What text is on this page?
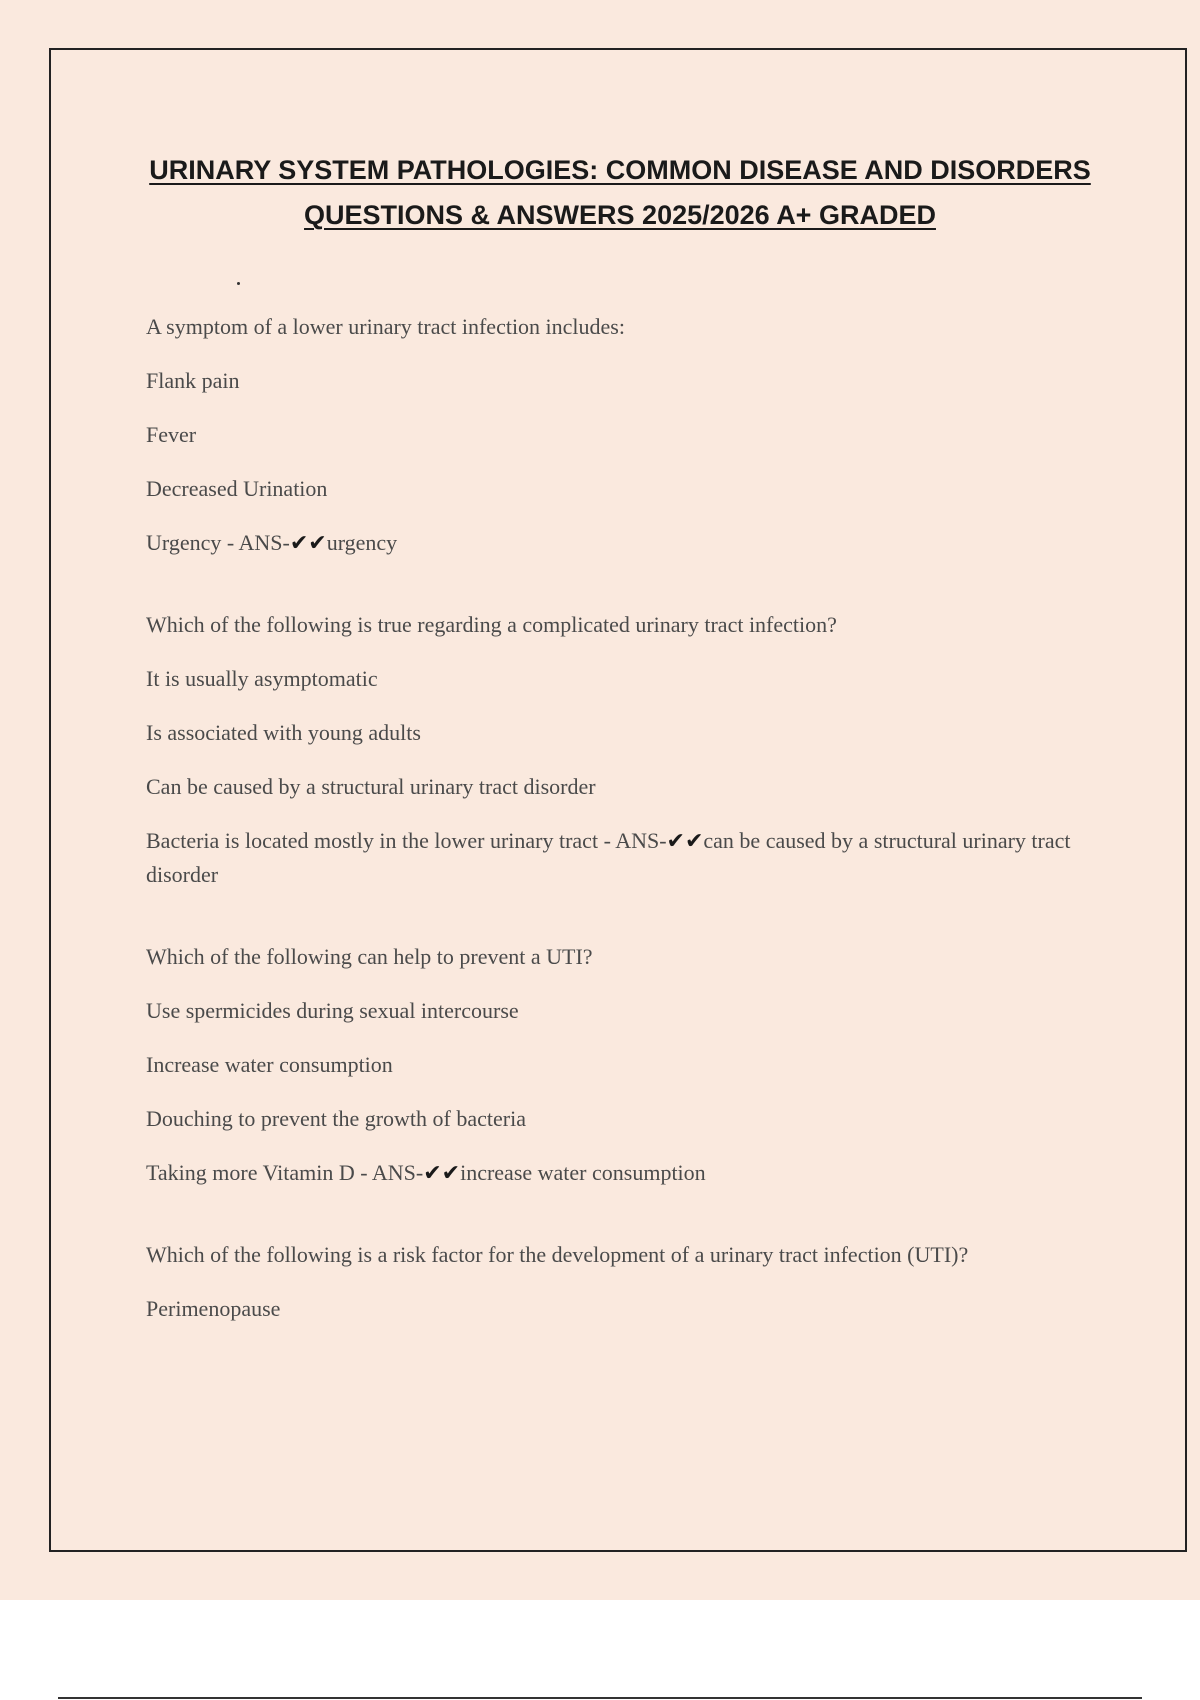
URINARY SYSTEM PATHOLOGIES: COMMON DISEASE AND DISORDERS
QUESTIONS & ANSWERS 2025/2026 A+ GRADED
A symptom of a lower urinary tract infection includes:
Flank pain
Fever
Decreased Urination
Urgency - ANS-✔✔urgency
Which of the following is true regarding a complicated urinary tract infection?
It is usually asymptomatic
Is associated with young adults
Can be caused by a structural urinary tract disorder
Bacteria is located mostly in the lower urinary tract - ANS-✔✔can be caused by a structural urinary tract disorder
Which of the following can help to prevent a UTI?
Use spermicides during sexual intercourse
Increase water consumption
Douching to prevent the growth of bacteria
Taking more Vitamin D - ANS-✔✔increase water consumption
Which of the following is a risk factor for the development of a urinary tract infection (UTI)?
Perimenopause
